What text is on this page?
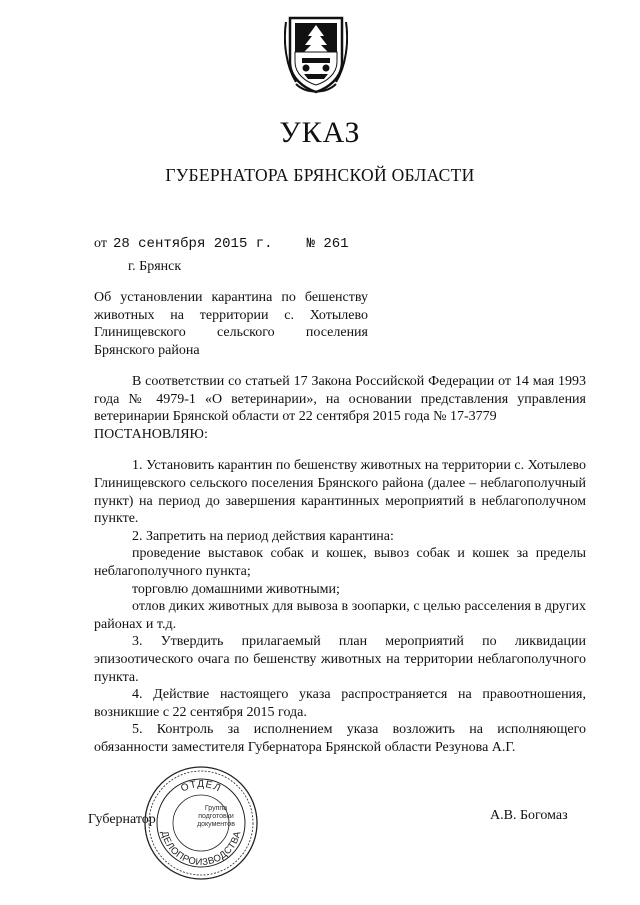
УКАЗ
ГУБЕРНАТОРА БРЯНСКОЙ ОБЛАСТИ
от 28 сентября 2015 г. № 261
г. Брянск
Об установлении карантина по бешенству животных на территории с. Хотылево Глинищевского сельского поселения Брянского района

В соответствии со статьей 17 Закона Российской Федерации от 14 мая 1993 года № 4979-1 «О ветеринарии», на основании представления управления ветеринарии Брянской области от 22 сентября 2015 года № 17-3779

ПОСТАНОВЛЯЮ:

1. Установить карантин по бешенству животных на территории с. Хотылево Глинищевского сельского поселения Брянского района (далее – неблагополучный пункт) на период до завершения карантинных мероприятий в неблагополучном пункте.

2. Запретить на период действия карантина:

проведение выставок собак и кошек, вывоз собак и кошек за пределы неблагополучного пункта;

торговлю домашними животными;

отлов диких животных для вывоза в зоопарки, с целью расселения в других районах и т.д.

3. Утвердить прилагаемый план мероприятий по ликвидации эпизоотического очага по бешенству животных на территории неблагополучного пункта.

4. Действие настоящего указа распространяется на правоотношения, возникшие с 22 сентября 2015 года.

5. Контроль за исполнением указа возложить на исполняющего обязанности заместителя Губернатора Брянской области Резунова А.Г.

ОТДЕЛ
ДЕЛОПРОИЗВОДСТВА
Группа подготовки документов
Губернатор	А.В. Богомаз
